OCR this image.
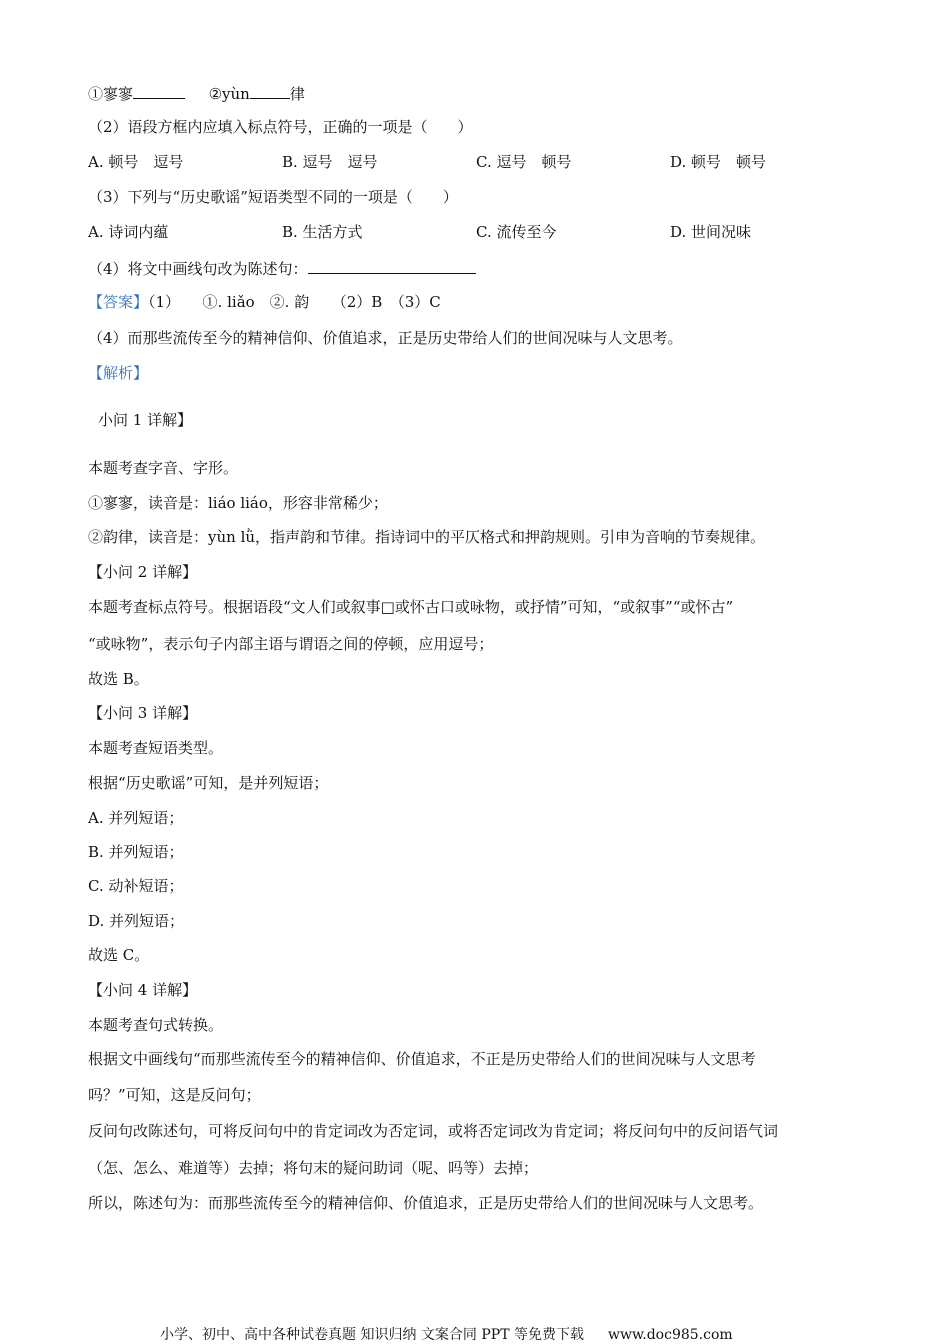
①寥寥	②yùn	律
（2）语段方框内应填入标点符号，正确的一项是（　　）
A. 顿号　逗号	B. 逗号　逗号	C. 逗号　顿号	D. 顿号　顿号
（3）下列与“历史歌谣”短语类型不同的一项是（　　）
A. 诗词内蕴	B. 生活方式	C. 流传至今	D. 世间况味
（4）将文中画线句改为陈述句：
【答案】（1）　　①. liǎo　②. 韵　　（2）B　（3）C
（4）而那些流传至今的精神信仰、价值追求，正是历史带给人们的世间况味与人文思考。
【解析】
小问 1 详解】
本题考查字音、字形。
①寥寥，读音是：liáo liáo，形容非常稀少；
②韵律，读音是：yùn lǜ，指声韵和节律。指诗词中的平仄格式和押韵规则。引申为音响的节奏规律。
【小问 2 详解】
本题考查标点符号。根据语段“文人们或叙事□或怀古口或咏物，或抒情”可知，“或叙事”“或怀古”
“或咏物”，表示句子内部主语与谓语之间的停顿，应用逗号；
故选 B。
【小问 3 详解】
本题考查短语类型。
根据“历史歌谣”可知，是并列短语；
A. 并列短语；
B. 并列短语；
C. 动补短语；
D. 并列短语；
故选 C。
【小问 4 详解】
本题考查句式转换。
根据文中画线句“而那些流传至今的精神信仰、价值追求，不正是历史带给人们的世间况味与人文思考
吗？”可知，这是反问句；
反问句改陈述句，可将反问句中的肯定词改为否定词，或将否定词改为肯定词；将反问句中的反问语气词
（怎、怎么、难道等）去掉；将句末的疑问助词（呢、吗等）去掉；
所以，陈述句为：而那些流传至今的精神信仰、价值追求，正是历史带给人们的世间况味与人文思考。
小学、初中、高中各种试卷真题 知识归纳 文案合同 PPT 等免费下载 www.doc985.com
